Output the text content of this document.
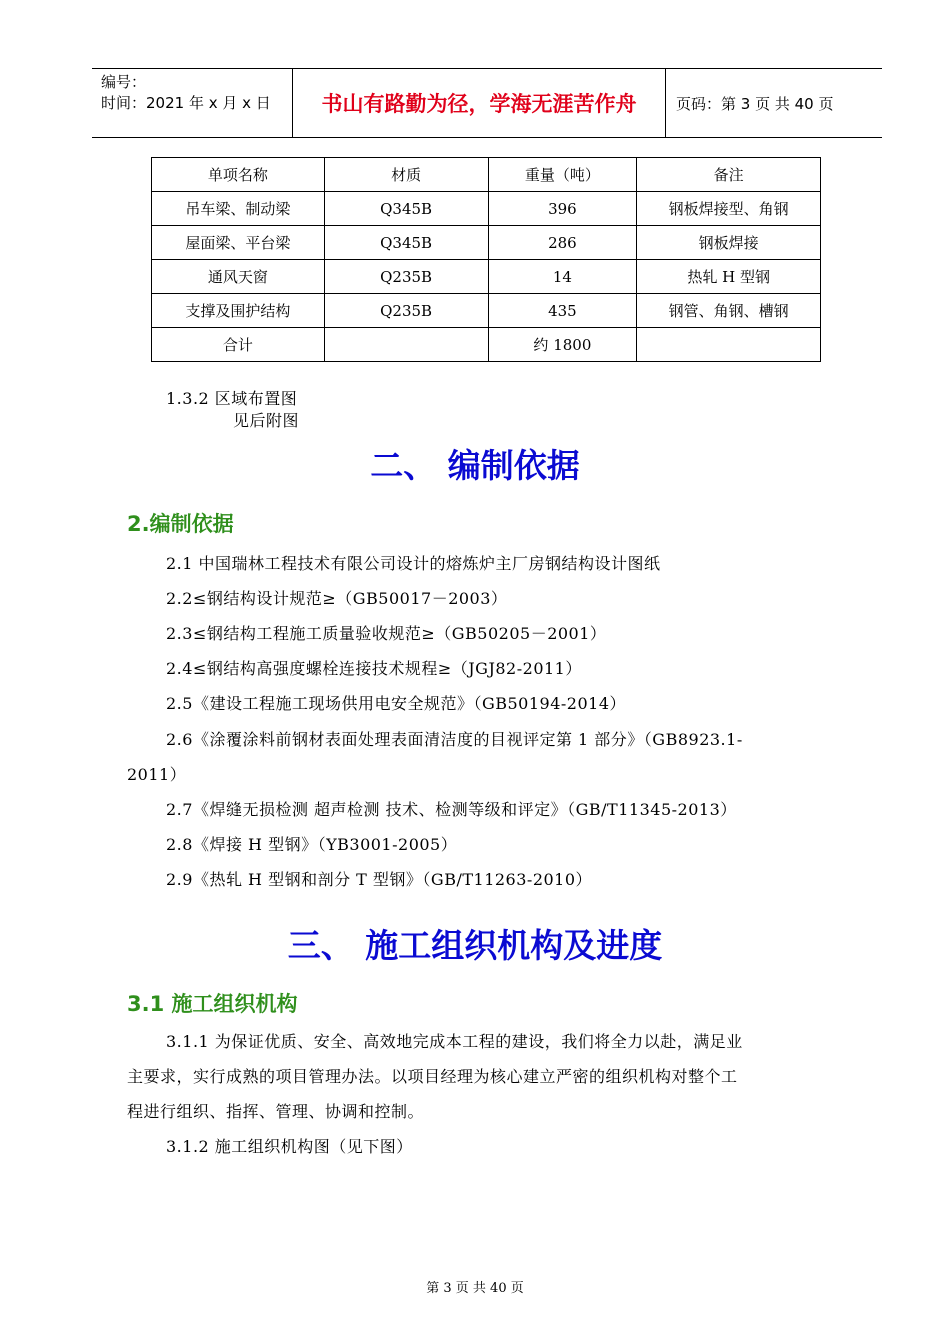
编号：
时间：2021 年 x 月 x 日	书山有路勤为径，学海无涯苦作舟	页码：第 3 页 共 40 页
单项名称	材质	重量（吨）	备注
吊车梁、制动梁	Q345B	396	钢板焊接型、角钢
屋面梁、平台梁	Q345B	286	钢板焊接
通风天窗	Q235B	14	热轧 H 型钢
支撑及围护结构	Q235B	435	钢管、角钢、槽钢
合计		约 1800	
1.3.2 区域布置图
见后附图
二、 编制依据
2.编制依据
2.1 中国瑞林工程技术有限公司设计的熔炼炉主厂房钢结构设计图纸
2.2≤钢结构设计规范≥（GB50017－2003）
2.3≤钢结构工程施工质量验收规范≥（GB50205－2001）
2.4≤钢结构高强度螺栓连接技术规程≥（JGJ82-2011）
2.5《建设工程施工现场供用电安全规范》（GB50194-2014）
2.6《涂覆涂料前钢材表面处理表面清洁度的目视评定第 1 部分》（GB8923.1-
2011）
2.7《焊缝无损检测 超声检测 技术、检测等级和评定》（GB/T11345-2013）
2.8《焊接 H 型钢》（YB3001-2005）
2.9《热轧 H 型钢和剖分 T 型钢》（GB/T11263-2010）
三、 施工组织机构及进度
3.1 施工组织机构
3.1.1 为保证优质、安全、高效地完成本工程的建设，我们将全力以赴，满足业
主要求，实行成熟的项目管理办法。以项目经理为核心建立严密的组织机构对整个工
程进行组织、指挥、管理、协调和控制。
3.1.2 施工组织机构图（见下图）
第 3 页 共 40 页
